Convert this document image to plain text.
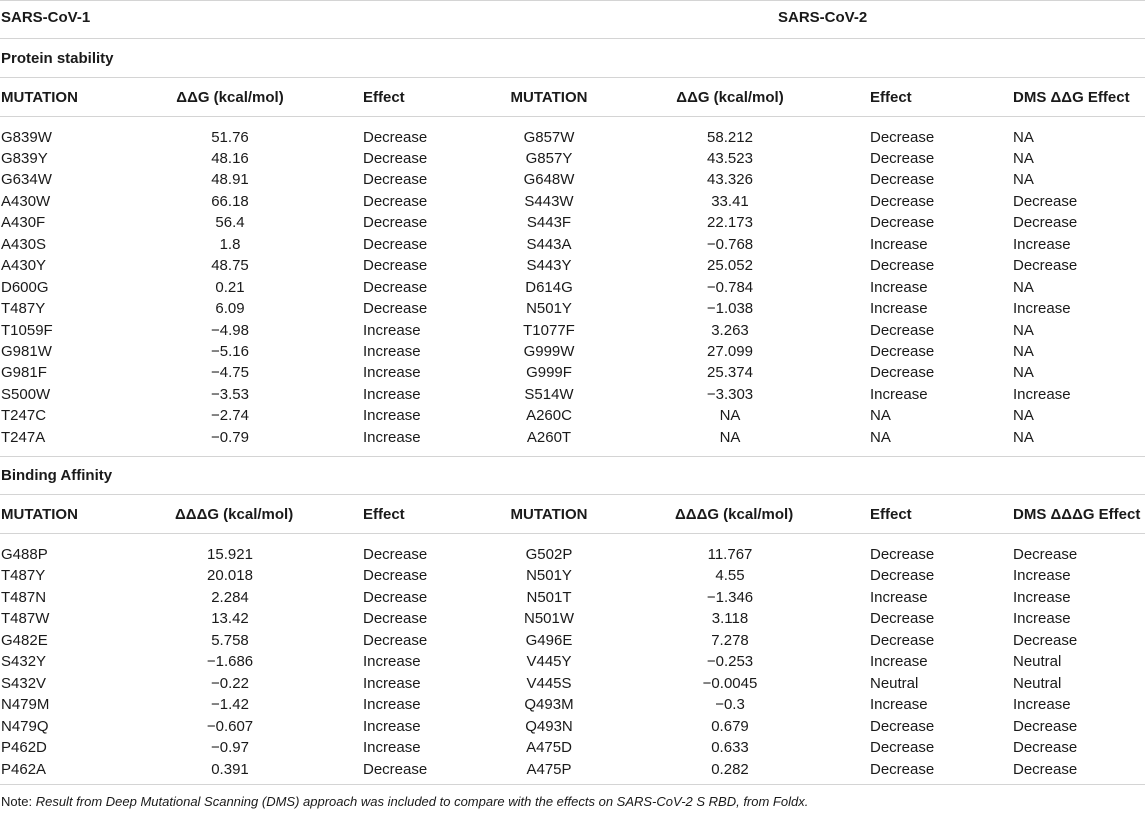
SARS-CoV-1	SARS-CoV-2
Protein stability
MUTATION	ΔΔG (kcal/mol)	Effect	MUTATION	ΔΔG (kcal/mol)	Effect	DMS ΔΔG Effect
G839W	51.76	Decrease	G857W	58.212	Decrease	NA
G839Y	48.16	Decrease	G857Y	43.523	Decrease	NA
G634W	48.91	Decrease	G648W	43.326	Decrease	NA
A430W	66.18	Decrease	S443W	33.41	Decrease	Decrease
A430F	56.4	Decrease	S443F	22.173	Decrease	Decrease
A430S	1.8	Decrease	S443A	−0.768	Increase	Increase
A430Y	48.75	Decrease	S443Y	25.052	Decrease	Decrease
D600G	0.21	Decrease	D614G	−0.784	Increase	NA
T487Y	6.09	Decrease	N501Y	−1.038	Increase	Increase
T1059F	−4.98	Increase	T1077F	3.263	Decrease	NA
G981W	−5.16	Increase	G999W	27.099	Decrease	NA
G981F	−4.75	Increase	G999F	25.374	Decrease	NA
S500W	−3.53	Increase	S514W	−3.303	Increase	Increase
T247C	−2.74	Increase	A260C	NA	NA	NA
T247A	−0.79	Increase	A260T	NA	NA	NA
Binding Affinity
MUTATION	ΔΔΔG (kcal/mol)	Effect	MUTATION	ΔΔΔG (kcal/mol)	Effect	DMS ΔΔΔG Effect
G488P	15.921	Decrease	G502P	11.767	Decrease	Decrease
T487Y	20.018	Decrease	N501Y	4.55	Decrease	Increase
T487N	2.284	Decrease	N501T	−1.346	Increase	Increase
T487W	13.42	Decrease	N501W	3.118	Decrease	Increase
G482E	5.758	Decrease	G496E	7.278	Decrease	Decrease
S432Y	−1.686	Increase	V445Y	−0.253	Increase	Neutral
S432V	−0.22	Increase	V445S	−0.0045	Neutral	Neutral
N479M	−1.42	Increase	Q493M	−0.3	Increase	Increase
N479Q	−0.607	Increase	Q493N	0.679	Decrease	Decrease
P462D	−0.97	Increase	A475D	0.633	Decrease	Decrease
P462A	0.391	Decrease	A475P	0.282	Decrease	Decrease
Note: Result from Deep Mutational Scanning (DMS) approach was included to compare with the effects on SARS-CoV-2 S RBD, from Foldx.
